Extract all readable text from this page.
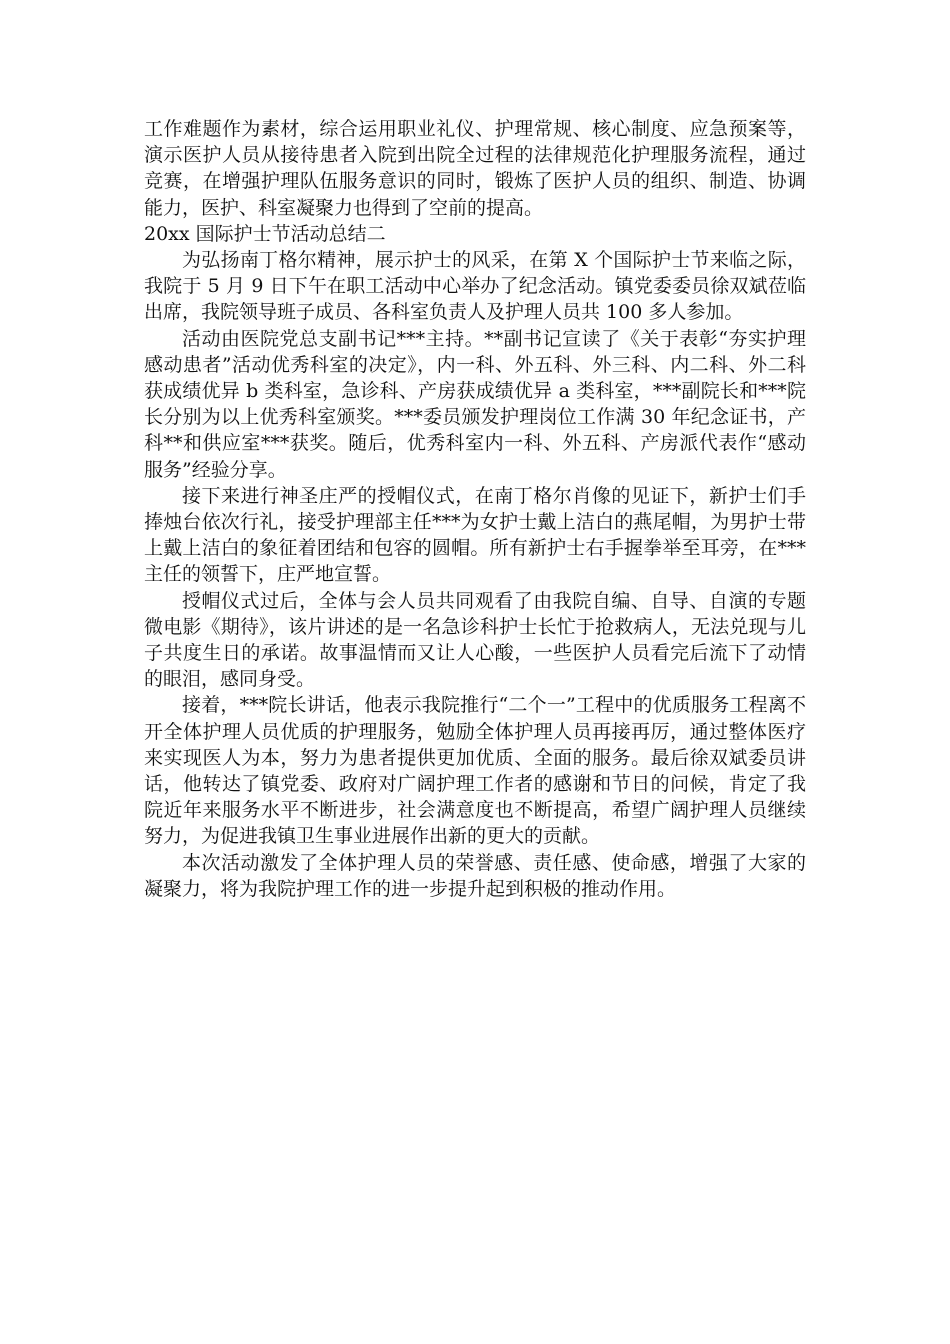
工作难题作为素材，综合运用职业礼仪、护理常规、核心制度、应急预案等，演示医护人员从接待患者入院到出院全过程的法律规范化护理服务流程，通过竞赛，在增强护理队伍服务意识的同时，锻炼了医护人员的组织、制造、协调能力，医护、科室凝聚力也得到了空前的提高。

20xx 国际护士节活动总结二

为弘扬南丁格尔精神，展示护士的风采，在第 X 个国际护士节来临之际，我院于 5 月 9 日下午在职工活动中心举办了纪念活动。镇党委委员徐双斌莅临出席，我院领导班子成员、各科室负责人及护理人员共 100 多人参加。

活动由医院党总支副书记***主持。**副书记宣读了《关于表彰“夯实护理感动患者”活动优秀科室的决定》，内一科、外五科、外三科、内二科、外二科获成绩优异 b 类科室，急诊科、产房获成绩优异 a 类科室，***副院长和***院长分别为以上优秀科室颁奖。***委员颁发护理岗位工作满 30 年纪念证书，产科**和供应室***获奖。随后，优秀科室内一科、外五科、产房派代表作“感动服务”经验分享。

接下来进行神圣庄严的授帽仪式，在南丁格尔肖像的见证下，新护士们手捧烛台依次行礼，接受护理部主任***为女护士戴上洁白的燕尾帽，为男护士带上戴上洁白的象征着团结和包容的圆帽。所有新护士右手握拳举至耳旁，在***主任的领誓下，庄严地宣誓。

授帽仪式过后，全体与会人员共同观看了由我院自编、自导、自演的专题微电影《期待》，该片讲述的是一名急诊科护士长忙于抢救病人，无法兑现与儿子共度生日的承诺。故事温情而又让人心酸，一些医护人员看完后流下了动情的眼泪，感同身受。

接着，***院长讲话，他表示我院推行“二个一”工程中的优质服务工程离不开全体护理人员优质的护理服务，勉励全体护理人员再接再厉，通过整体医疗来实现医人为本，努力为患者提供更加优质、全面的服务。最后徐双斌委员讲话，他转达了镇党委、政府对广阔护理工作者的感谢和节日的问候，肯定了我院近年来服务水平不断进步，社会满意度也不断提高，希望广阔护理人员继续努力，为促进我镇卫生事业进展作出新的更大的贡献。

本次活动激发了全体护理人员的荣誉感、责任感、使命感，增强了大家的凝聚力，将为我院护理工作的进一步提升起到积极的推动作用。
